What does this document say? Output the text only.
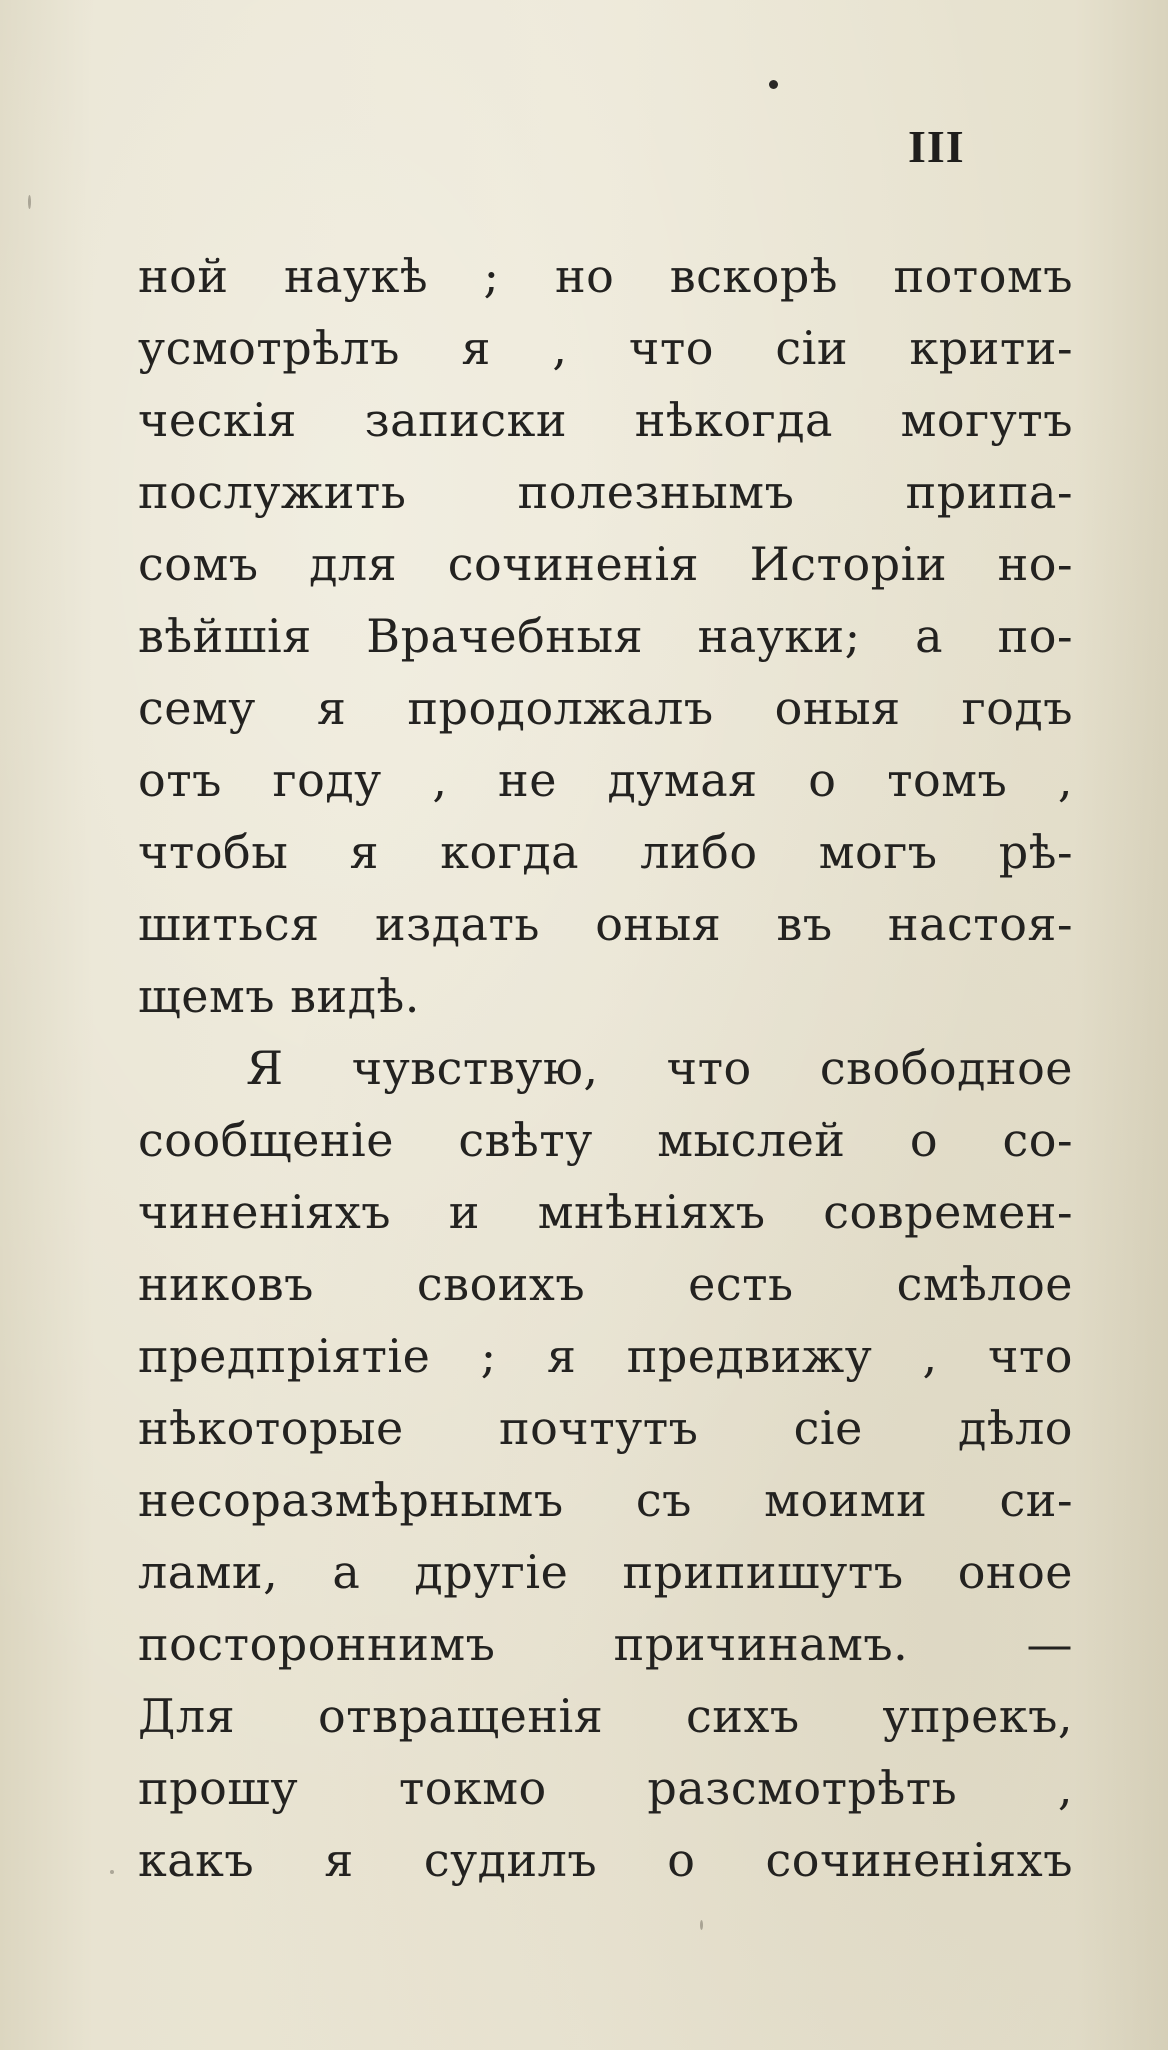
III
ной наукѣ ; но вскорѣ потомъ
усмотрѣлъ я , что сіи крити-
ческія записки нѣкогда могутъ
послужить полезнымъ припа-
сомъ для сочиненія Исторіи но-
вѣйшія Врачебныя науки; а по-
сему я продолжалъ оныя годъ
отъ году , не думая о томъ ,
чтобы я когда либо могъ рѣ-
шиться издать оныя въ настоя-
щемъ видѣ.
Я чувствую, что свободное
сообщеніе свѣту мыслей о со-
чиненіяхъ и мнѣніяхъ современ-
никовъ своихъ есть смѣлое
предпріятіе ; я предвижу , что
нѣкоторые почтутъ сіе дѣло
несоразмѣрнымъ съ моими си-
лами, а другіе припишутъ оное
постороннимъ причинамъ. —
Для отвращенія сихъ упрекъ,
прошу токмо разсмотрѣть ,
какъ я судилъ о сочиненіяхъ
